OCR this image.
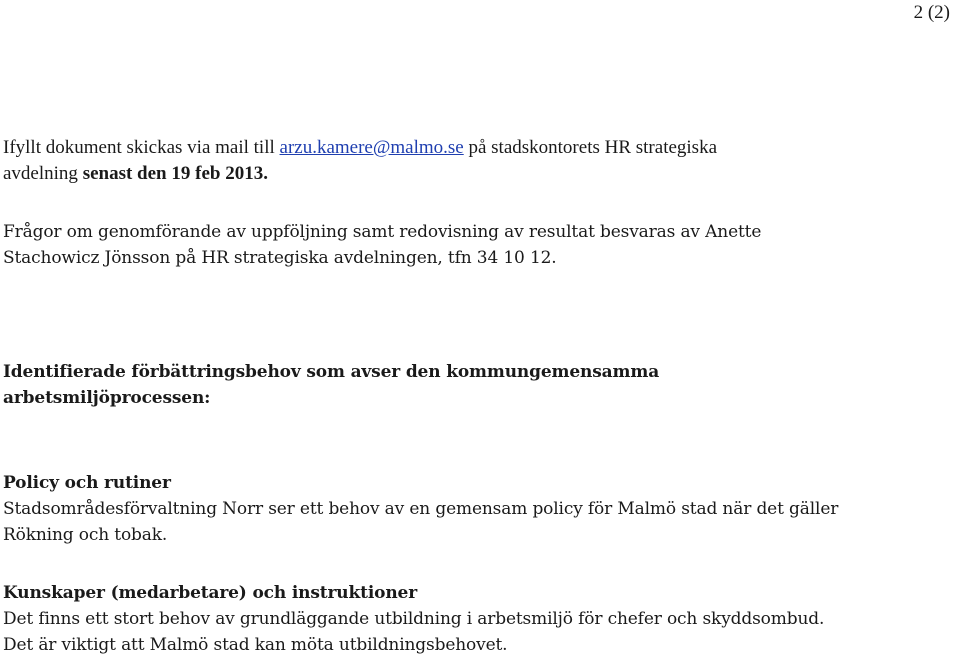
2 (2)

Ifyllt dokument skickas via mail till arzu.kamere@malmo.se på stadskontorets HR strategiska
avdelning senast den 19 feb 2013.

Frågor om genomförande av uppföljning samt redovisning av resultat besvaras av Anette
Stachowicz Jönsson på HR strategiska avdelningen, tfn 34 10 12.

Identifierade förbättringsbehov som avser den kommungemensamma
arbetsmiljöprocessen:

Policy och rutiner
Stadsområdesförvaltning Norr ser ett behov av en gemensam policy för Malmö stad när det gäller
Rökning och tobak.

Kunskaper (medarbetare) och instruktioner
Det finns ett stort behov av grundläggande utbildning i arbetsmiljö för chefer och skyddsombud.
Det är viktigt att Malmö stad kan möta utbildningsbehovet.
